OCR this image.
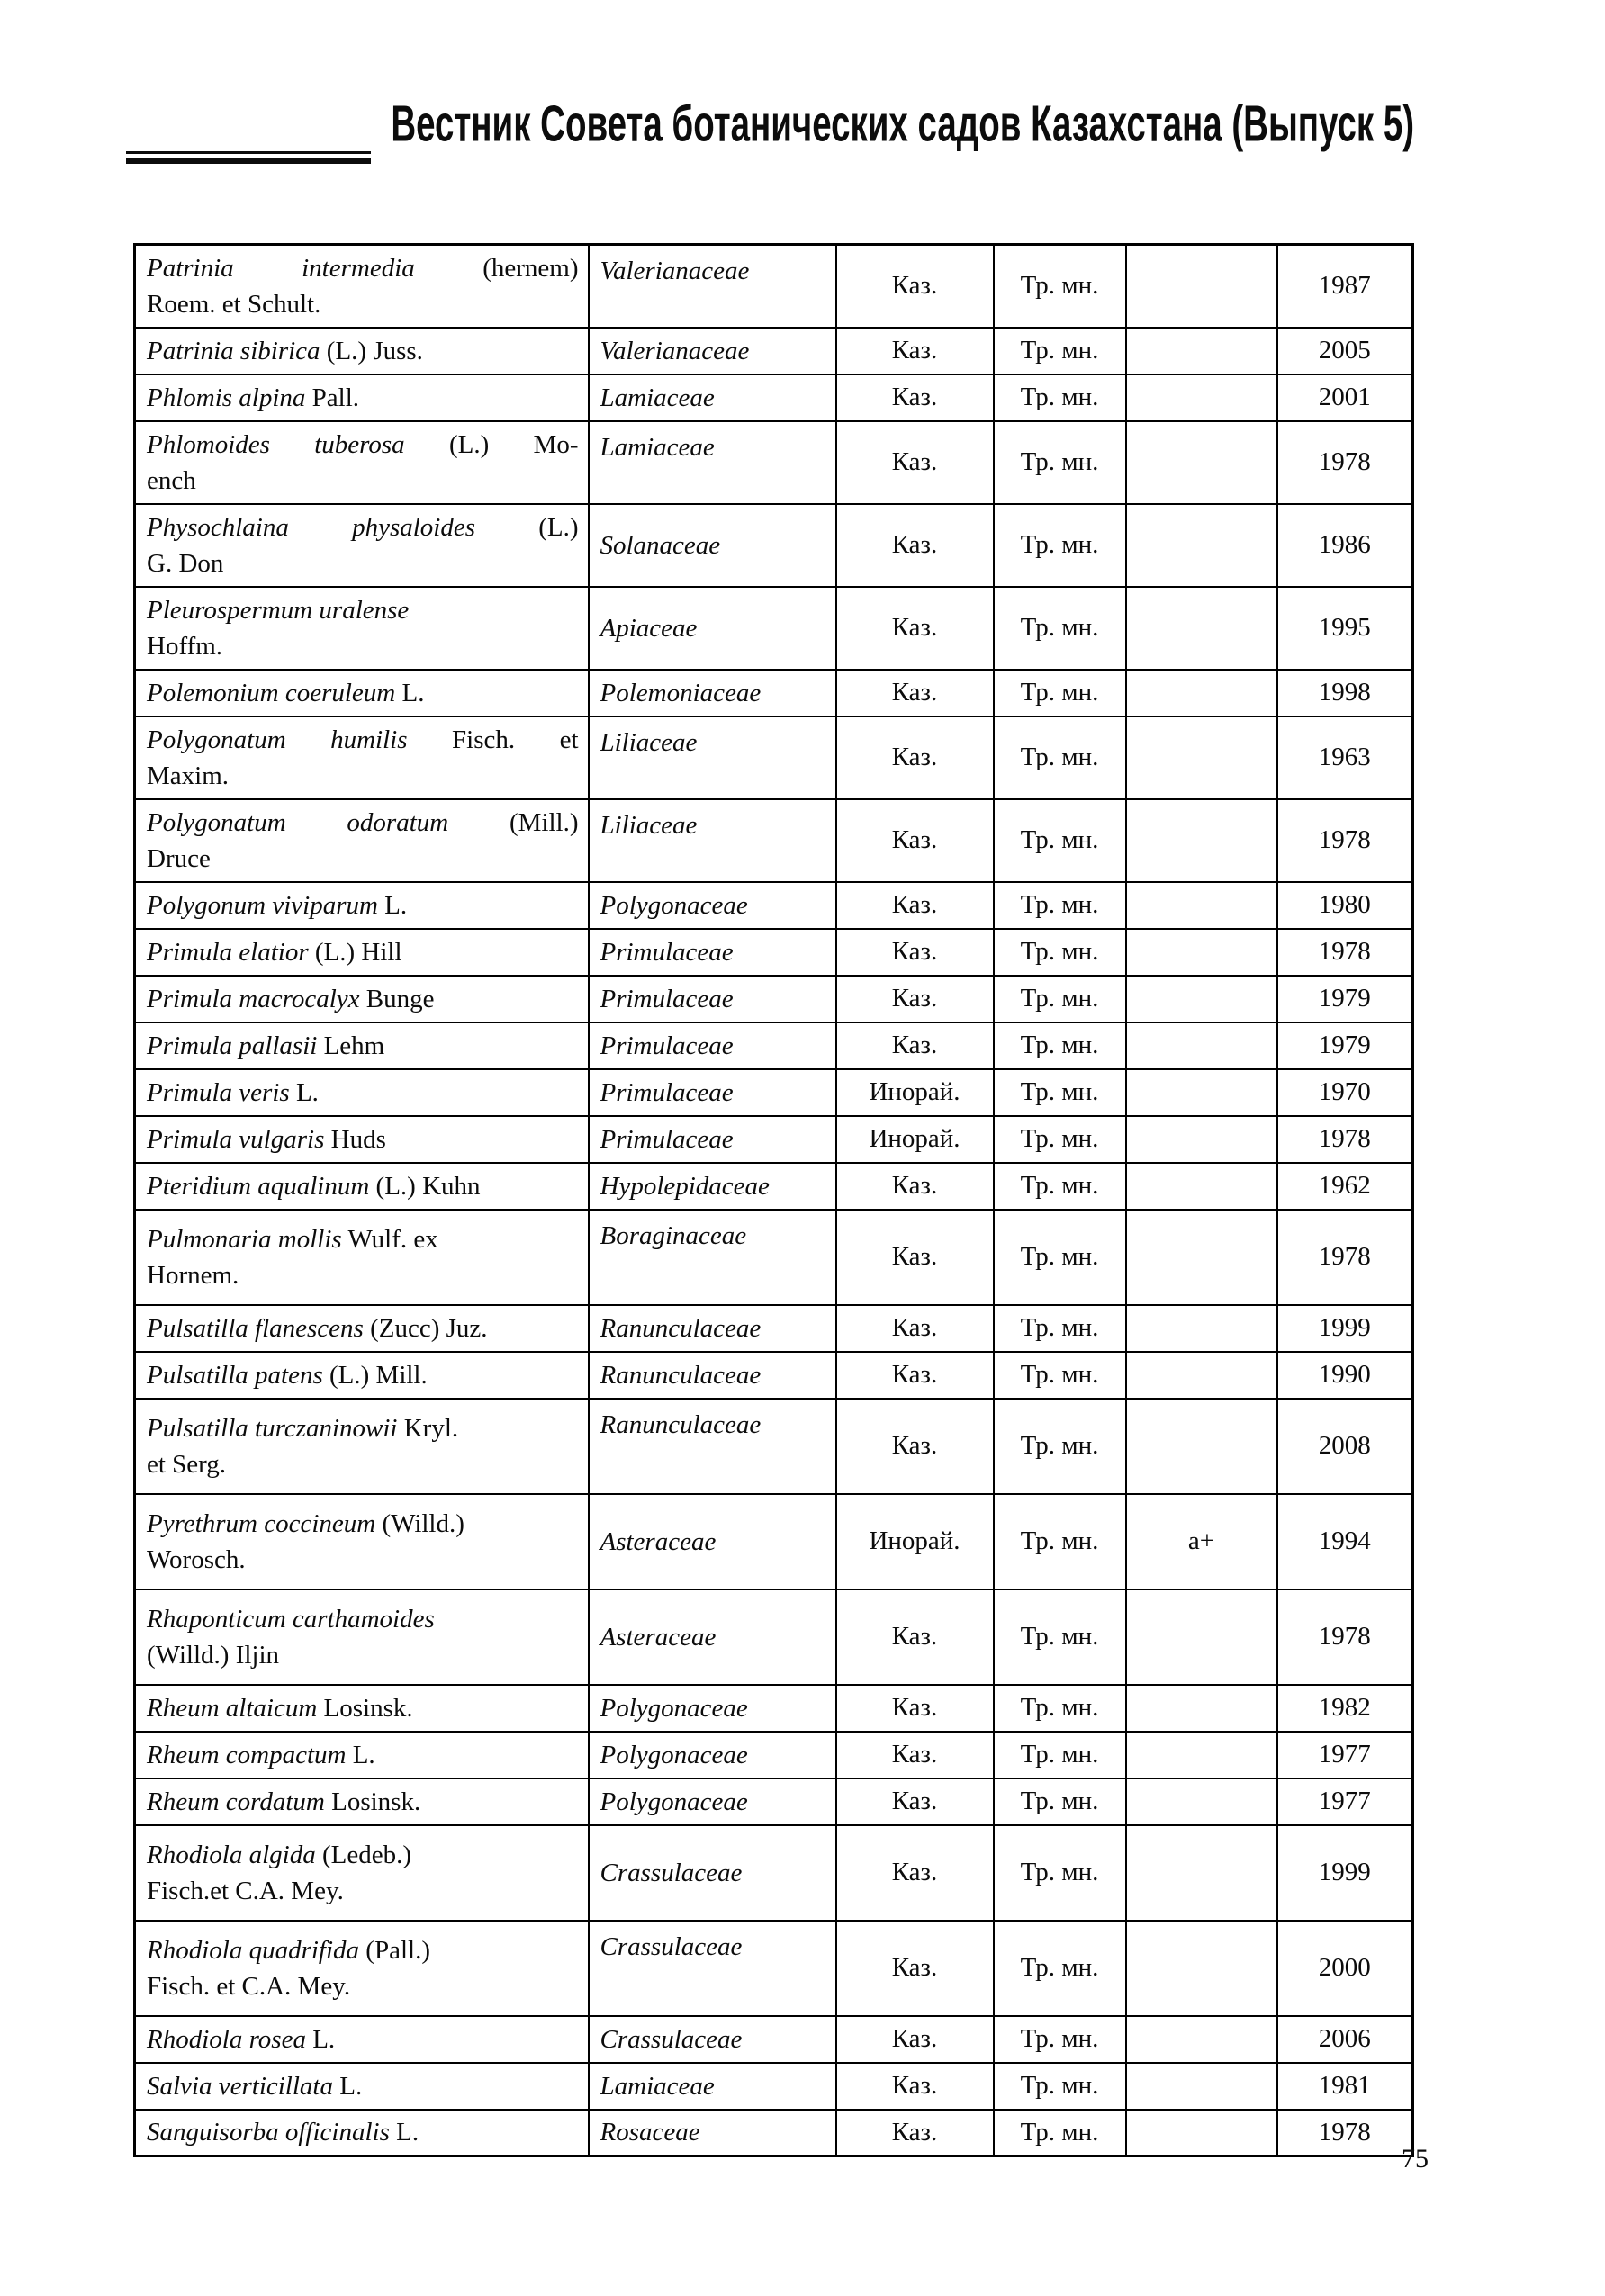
Вестник Совета ботанических садов Казахстана (Выпуск 5)
Patrinia intermedia (hernem)
Roem. et Schult.	Valerianaceae	Каз.	Тр. мн.		1987

Patrinia sibirica (L.) Juss.	Valerianaceae	Каз.	Тр. мн.		2005

Phlomis alpina Pall.	Lamiaceae	Каз.	Тр. мн.		2001

Phlomoides tuberosa (L.) Mo-
ench	Lamiaceae	Каз.	Тр. мн.		1978

Physochlaina physaloides (L.)
G. Don	Solanaceae	Каз.	Тр. мн.		1986

Pleurospermum uralense
Hoffm.	Apiaceae	Каз.	Тр. мн.		1995

Polemonium coeruleum L.	Polemoniaceae	Каз.	Тр. мн.		1998

Polygonatum humilis Fisch. et
Maxim.	Liliaceae	Каз.	Тр. мн.		1963

Polygonatum odoratum (Mill.)
Druce	Liliaceae	Каз.	Тр. мн.		1978

Polygonum viviparum L.	Polygonaceae	Каз.	Тр. мн.		1980

Primula elatior (L.) Hill	Primulaceae	Каз.	Тр. мн.		1978

Primula macrocalyx Bunge	Primulaceae	Каз.	Тр. мн.		1979

Primula pallasii Lehm	Primulaceae	Каз.	Тр. мн.		1979

Primula veris L.	Primulaceae	Инорай.	Тр. мн.		1970

Primula vulgaris Huds	Primulaceae	Инорай.	Тр. мн.		1978

Pteridium aqualinum (L.) Kuhn	Hypolepidaceae	Каз.	Тр. мн.		1962

Pulmonaria mollis Wulf. ex
Hornem.	Boraginaceae	Каз.	Тр. мн.		1978

Pulsatilla flanescens (Zucc) Juz.	Ranunculaceae	Каз.	Тр. мн.		1999

Pulsatilla patens (L.) Mill.	Ranunculaceae	Каз.	Тр. мн.		1990

Pulsatilla turczaninowii Kryl.
et Serg.	Ranunculaceae	Каз.	Тр. мн.		2008

Pyrethrum coccineum (Willd.)
Worosch.	Asteraceae	Инорай.	Тр. мн.	а+	1994

Rhaponticum carthamoides
(Willd.) Iljin	Asteraceae	Каз.	Тр. мн.		1978

Rheum altaicum Losinsk.	Polygonaceae	Каз.	Тр. мн.		1982

Rheum compactum L.	Polygonaceae	Каз.	Тр. мн.		1977

Rheum cordatum Losinsk.	Polygonaceae	Каз.	Тр. мн.		1977

Rhodiola algida (Ledeb.)
Fisch.et C.A. Mey.	Crassulaceae	Каз.	Тр. мн.		1999

Rhodiola quadrifida (Pall.)
Fisch. et C.A. Mey.	Crassulaceae	Каз.	Тр. мн.		2000

Rhodiola rosea L.	Crassulaceae	Каз.	Тр. мн.		2006

Salvia verticillata L.	Lamiaceae	Каз.	Тр. мн.		1981

Sanguisorba officinalis L.	Rosaceae	Каз.	Тр. мн.		1978
75
